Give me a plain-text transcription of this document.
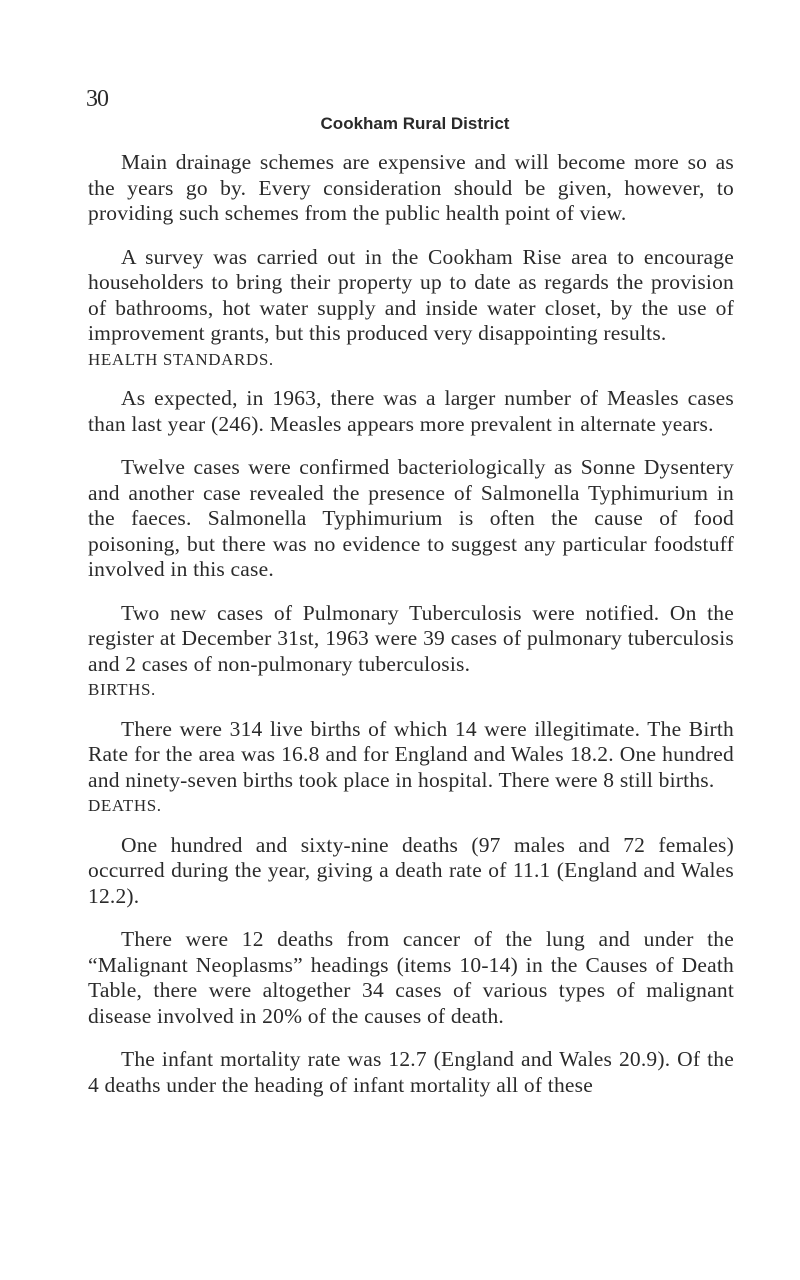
30
Cookham Rural District

Main drainage schemes are expensive and will become more so as the years go by. Every consideration should be given, however, to providing such schemes from the public health point of view.

A survey was carried out in the Cookham Rise area to encourage householders to bring their property up to date as regards the provision of bathrooms, hot water supply and inside water closet, by the use of improvement grants, but this produced very disappointing results.

HEALTH STANDARDS.

As expected, in 1963, there was a larger number of Measles cases than last year (246). Measles appears more prevalent in alternate years.

Twelve cases were confirmed bacteriologically as Sonne Dysentery and another case revealed the presence of Salmonella Typhimurium in the faeces. Salmonella Typhimurium is often the cause of food poisoning, but there was no evidence to suggest any particular foodstuff involved in this case.

Two new cases of Pulmonary Tuberculosis were notified. On the register at December 31st, 1963 were 39 cases of pulmonary tuberculosis and 2 cases of non-pulmonary tuberculosis.

BIRTHS.

There were 314 live births of which 14 were illegitimate. The Birth Rate for the area was 16.8 and for England and Wales 18.2. One hundred and ninety-seven births took place in hospital. There were 8 still births.

DEATHS.

One hundred and sixty-nine deaths (97 males and 72 females) occurred during the year, giving a death rate of 11.1 (England and Wales 12.2).

There were 12 deaths from cancer of the lung and under the “Malignant Neoplasms” headings (items 10-14) in the Causes of Death Table, there were altogether 34 cases of various types of malignant disease involved in 20% of the causes of death.

The infant mortality rate was 12.7 (England and Wales 20.9). Of the 4 deaths under the heading of infant mortality all of these
